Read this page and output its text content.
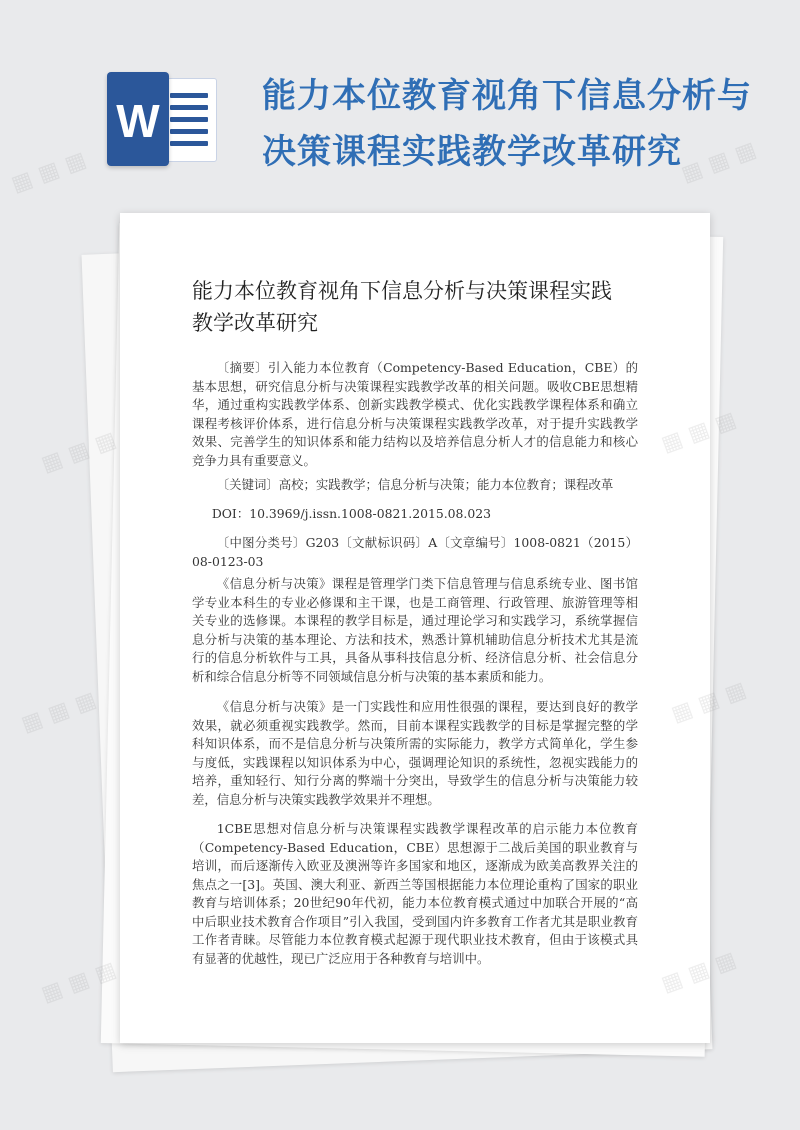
W	能力本位教育视角下信息分析与决策课程实践教学改革研究
能力本位教育视角下信息分析与决策课程实践教学改革研究

〔摘要〕引入能力本位教育（Competency-Based Education，CBE）的基本思想，研究信息分析与决策课程实践教学改革的相关问题。吸收CBE思想精华，通过重构实践教学体系、创新实践教学模式、优化实践教学课程体系和确立课程考核评价体系，进行信息分析与决策课程实践教学改革，对于提升实践教学效果、完善学生的知识体系和能力结构以及培养信息分析人才的信息能力和核心竞争力具有重要意义。

〔关键词〕高校；实践教学；信息分析与决策；能力本位教育；课程改革

DOI：10.3969/j.issn.1008-0821.2015.08.023

〔中图分类号〕G203〔文献标识码〕A〔文章编号〕1008-0821（2015）08-0123-03

《信息分析与决策》课程是管理学门类下信息管理与信息系统专业、图书馆学专业本科生的专业必修课和主干课，也是工商管理、行政管理、旅游管理等相关专业的选修课。本课程的教学目标是，通过理论学习和实践学习，系统掌握信息分析与决策的基本理论、方法和技术，熟悉计算机辅助信息分析技术尤其是流行的信息分析软件与工具，具备从事科技信息分析、经济信息分析、社会信息分析和综合信息分析等不同领域信息分析与决策的基本素质和能力。

《信息分析与决策》是一门实践性和应用性很强的课程，要达到良好的教学效果，就必须重视实践教学。然而，目前本课程实践教学的目标是掌握完整的学科知识体系，而不是信息分析与决策所需的实际能力，教学方式简单化，学生参与度低，实践课程以知识体系为中心，强调理论知识的系统性，忽视实践能力的培养，重知轻行、知行分离的弊端十分突出，导致学生的信息分析与决策能力较差，信息分析与决策实践教学效果并不理想。

1CBE思想对信息分析与决策课程实践教学课程改革的启示能力本位教育（Competency-Based Education，CBE）思想源于二战后美国的职业教育与培训，而后逐渐传入欧亚及澳洲等许多国家和地区，逐渐成为欧美高教界关注的焦点之一[3]。英国、澳大利亚、新西兰等国根据能力本位理论重构了国家的职业教育与培训体系；20世纪90年代初，能力本位教育模式通过中加联合开展的“高中后职业技术教育合作项目”引入我国，受到国内许多教育工作者尤其是职业教育工作者青睐。尽管能力本位教育模式起源于现代职业技术教育，但由于该模式具有显著的优越性，现已广泛应用于各种教育与培训中。

▦ ▦ ▦	▦ ▦ ▦
▦ ▦ ▦
▦
▦ ▦ ▦	▦
▦ ▦ ▦	▦
